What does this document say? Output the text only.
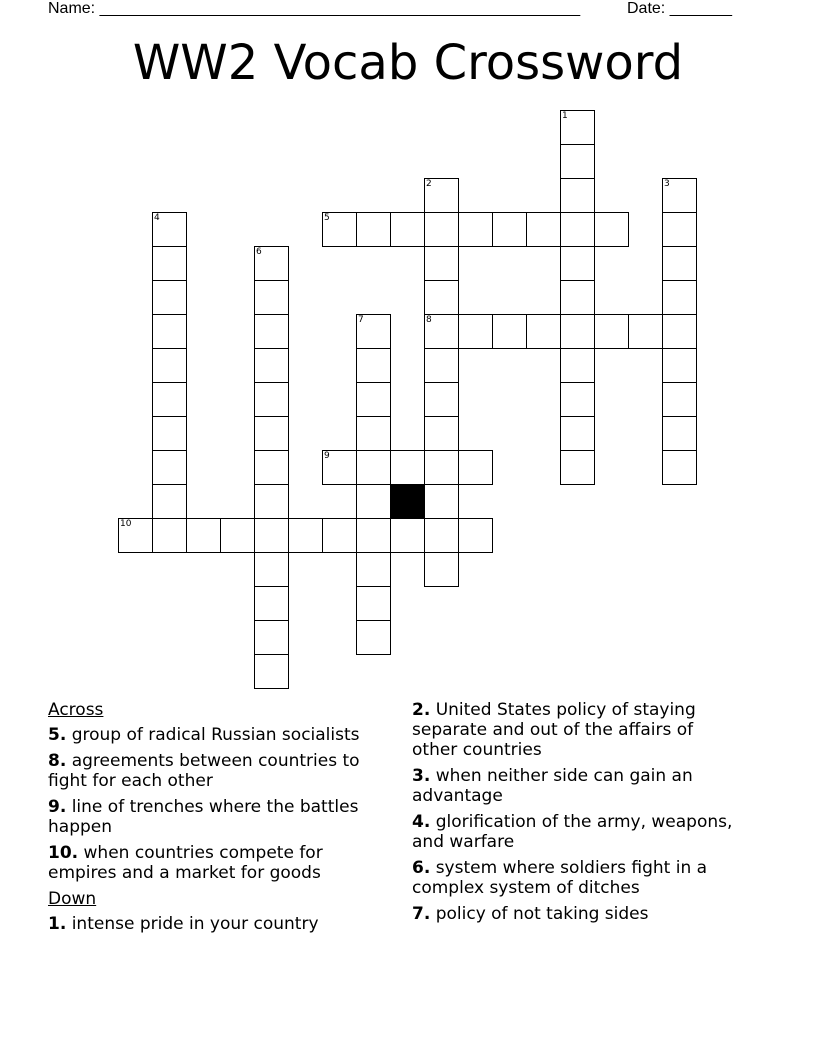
Name: ______________________________________________________	Date: _______
WW2 Vocab Crossword
1
2
8
3
4	5
6
7
9
10
Across
5. group of radical Russian socialists
8. agreements between countries to fight for each other
9. line of trenches where the battles happen
10. when countries compete for empires and a market for goods
Down
1. intense pride in your country
2. United States policy of staying separate and out of the affairs of other countries
3. when neither side can gain an advantage
4. glorification of the army, weapons, and warfare
6. system where soldiers fight in a complex system of ditches
7. policy of not taking sides
